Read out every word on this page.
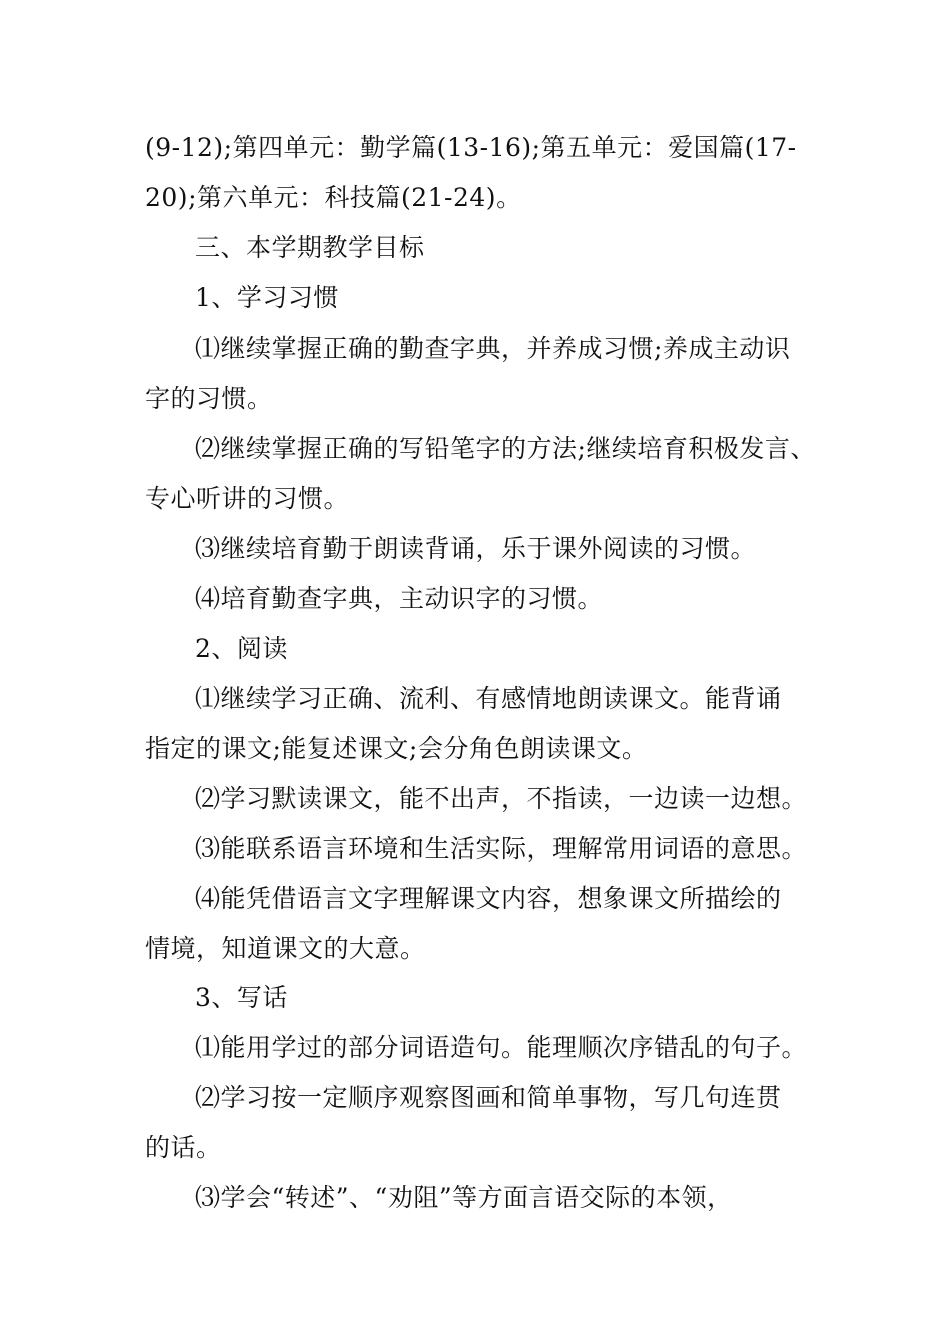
(9-12);第四单元：勤学篇(13-16);第五单元：爱国篇(17-
20);第六单元：科技篇(21-24)。
三、本学期教学目标
1、学习习惯
⑴继续掌握正确的勤查字典，并养成习惯;养成主动识
字的习惯。
⑵继续掌握正确的写铅笔字的方法;继续培育积极发言、
专心听讲的习惯。
⑶继续培育勤于朗读背诵，乐于课外阅读的习惯。
⑷培育勤查字典，主动识字的习惯。
2、阅读
⑴继续学习正确、流利、有感情地朗读课文。能背诵
指定的课文;能复述课文;会分角色朗读课文。
⑵学习默读课文，能不出声，不指读，一边读一边想。
⑶能联系语言环境和生活实际，理解常用词语的意思。
⑷能凭借语言文字理解课文内容，想象课文所描绘的
情境，知道课文的大意。
3、写话
⑴能用学过的部分词语造句。能理顺次序错乱的句子。
⑵学习按一定顺序观察图画和简单事物，写几句连贯
的话。
⑶学会“转述”、“劝阻”等方面言语交际的本领，
